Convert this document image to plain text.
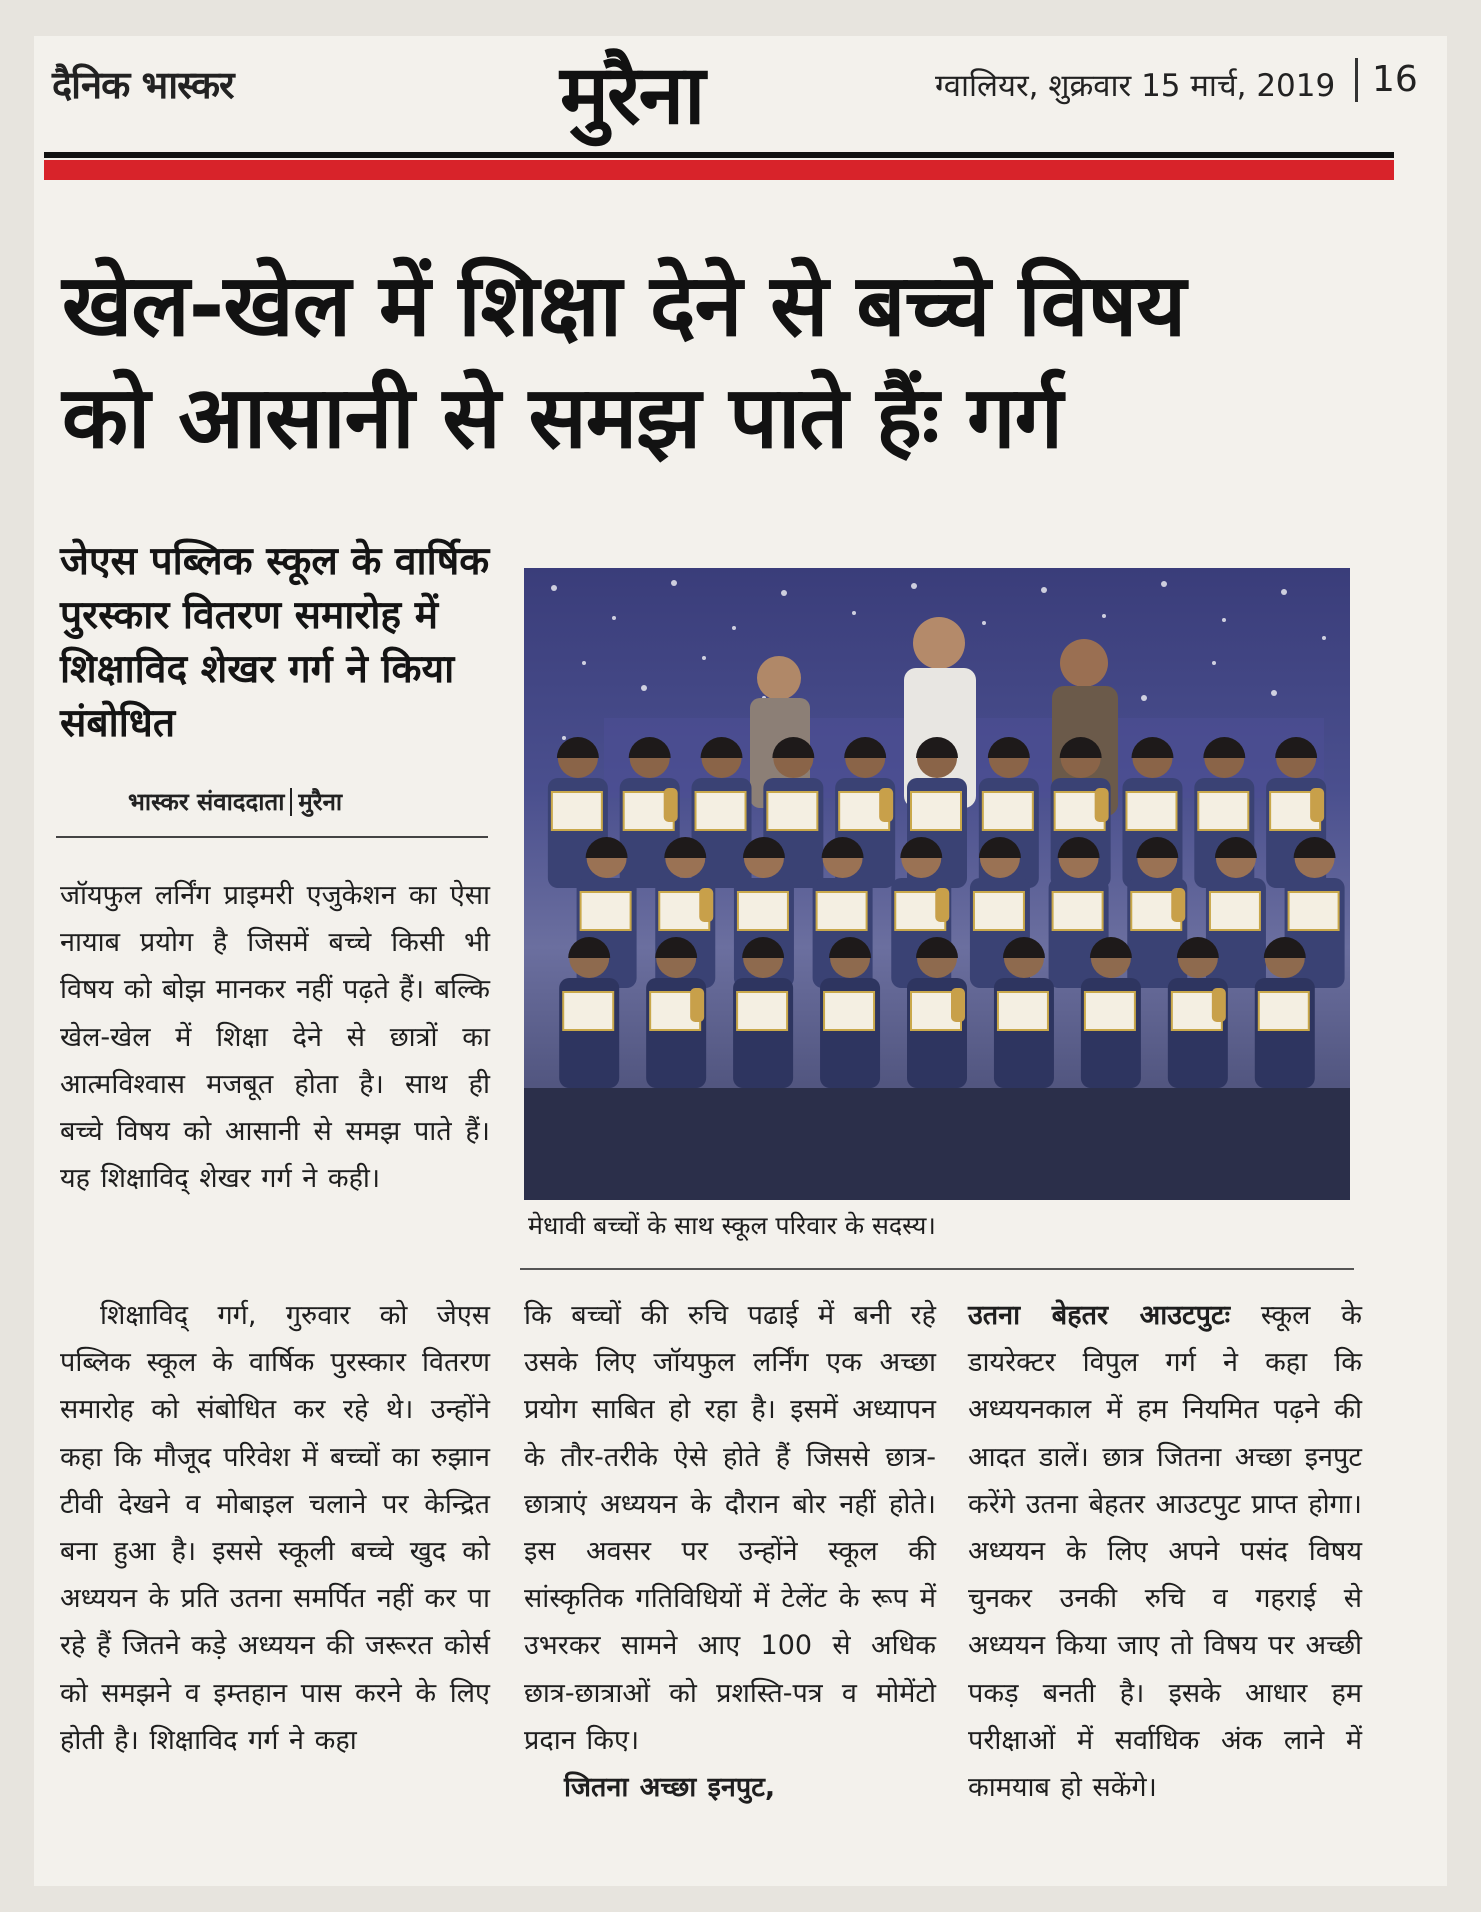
दैनिक भास्कर	मुरैना	ग्वालियर, शुक्रवार 15 मार्च, 2019	16
खेल-खेल में शिक्षा देने से बच्चे विषय
को आसानी से समझ पाते हैंः गर्ग
जेएस पब्लिक स्कूल के वार्षिक पुरस्कार वितरण समारोह में शिक्षाविद शेखर गर्ग ने किया संबोधित
भास्कर संवाददाता मुरैना
मेधावी बच्चों के साथ स्कूल परिवार के सदस्य।

जॉयफुल लर्निंग प्राइमरी एजुकेशन का ऐसा नायाब प्रयोग है जिसमें बच्चे किसी भी विषय को बोझ मानकर नहीं पढ़ते हैं। बल्कि खेल-खेल में शिक्षा देने से छात्रों का आत्मविश्वास मजबूत होता है। साथ ही बच्चे विषय को आसानी से समझ पाते हैं। यह शिक्षाविद् शेखर गर्ग ने कही।

शिक्षाविद् गर्ग, गुरुवार को जेएस पब्लिक स्कूल के वार्षिक पुरस्कार वितरण समारोह को संबोधित कर रहे थे। उन्होंने कहा कि मौजूद परिवेश में बच्चों का रुझान टीवी देखने व मोबाइल चलाने पर केन्द्रित बना हुआ है। इससे स्कूली बच्चे खुद को अध्ययन के प्रति उतना समर्पित नहीं कर पा रहे हैं जितने कड़े अध्ययन की जरूरत कोर्स को समझने व इम्तहान पास करने के लिए होती है। शिक्षाविद गर्ग ने कहा

कि बच्चों की रुचि पढाई में बनी रहे उसके लिए जॉयफुल लर्निंग एक अच्छा प्रयोग साबित हो रहा है। इसमें अध्यापन के तौर-तरीके ऐसे होते हैं जिससे छात्र-छात्राएं अध्ययन के दौरान बोर नहीं होते। इस अवसर पर उन्होंने स्कूल की सांस्कृतिक गतिविधियों में टेलेंट के रूप में उभरकर सामने आए 100 से अधिक छात्र-छात्राओं को प्रशस्ति-पत्र व मोमेंटो प्रदान किए।

जितना अच्छा इनपुट,

उतना बेहतर आउटपुटः स्कूल के डायरेक्टर विपुल गर्ग ने कहा कि अध्ययनकाल में हम नियमित पढ़ने की आदत डालें। छात्र जितना अच्छा इनपुट करेंगे उतना बेहतर आउटपुट प्राप्त होगा। अध्ययन के लिए अपने पसंद विषय चुनकर उनकी रुचि व गहराई से अध्ययन किया जाए तो विषय पर अच्छी पकड़ बनती है। इसके आधार हम परीक्षाओं में सर्वाधिक अंक लाने में कामयाब हो सकेंगे।
